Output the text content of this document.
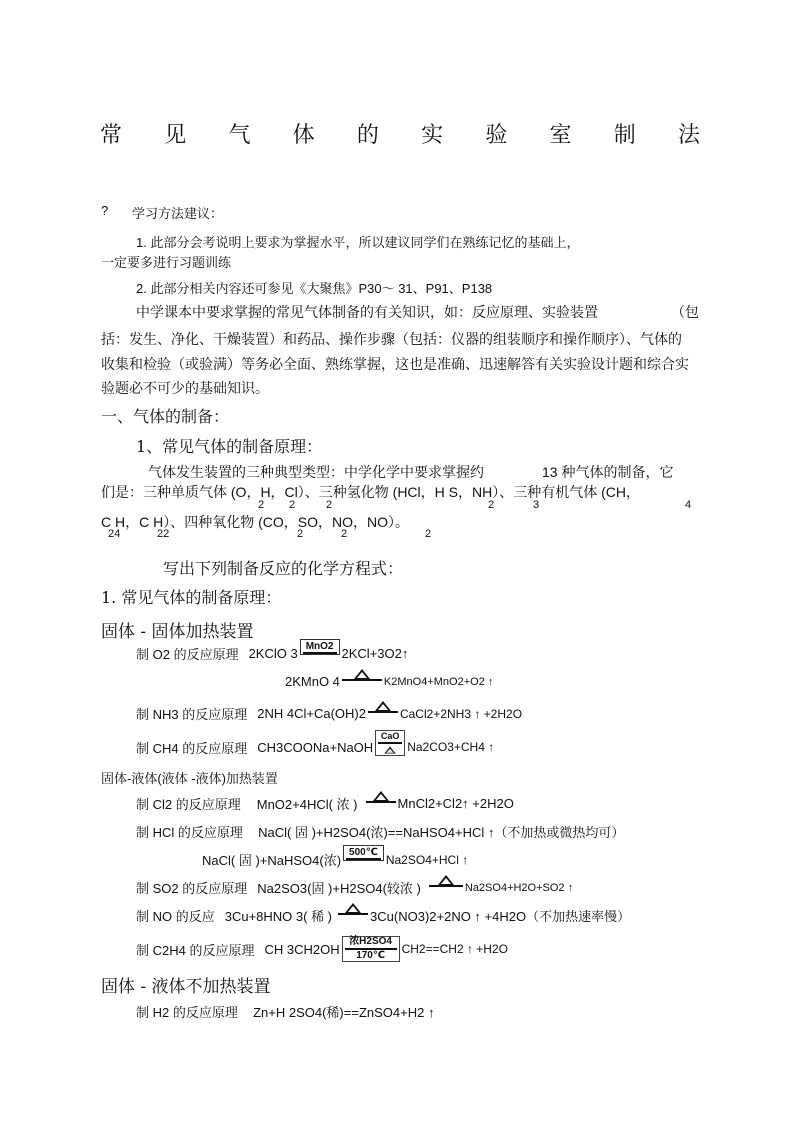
常 见 气 体 的 实 验 室 制 法
? 学习方法建议：
1. 此部分会考说明上要求为掌握水平，所以建议同学们在熟练记忆的基础上，
一定要多进行习题训练
2. 此部分相关内容还可参见《大聚焦》P30～ 31、P91、P138
中学课本中要求掌握的常见气体制备的有关知识，如：反应原理、实验装置	（包
括：发生、净化、干燥装置）和药品、操作步骤（包括：仪器的组装顺序和操作顺序）、气体的
收集和检验（或验满）等务必全面、熟练掌握，这也是准确、迅速解答有关实验设计题和综合实
验题必不可少的基础知识。
一、气体的制备：
1、常见气体的制备原理：
气体发生装置的三种典型类型：中学化学中要求掌握约	13 种气体的制备，它
们是：三种单质气体 (O，H，Cl）、三种氢化物 (HCl，H S，NH）、三种有机气体 (CH，
2 2	2	2	3	4
C H，C H）、四种氧化物 (CO，SO，NO，NO）。
24	22	2	2	2
写出下列制备反应的化学方程式：
1. 常见气体的制备原理：
固体 - 固体加热装置
制 O2 的反应原理 2KClO 3 MnO2 2KCl+3O2↑
2KMnO 4	K2MnO4+MnO2+O2 ↑
制 NH3 的反应原理 2NH 4Cl+Ca(OH)2	CaCl2+2NH3 ↑ +2H2O
制 CH4 的反应原理 CH3COONa+NaOH
CaO
Na2CO3+CH4 ↑
固体-液体(液体 -液体)加热装置
制 Cl2 的反应原理 MnO2+4HCl( 浓 )	MnCl2+Cl2↑ +2H2O
制 HCl 的反应原理 NaCl( 固 )+H2SO4(浓)==NaHSO4+HCl ↑（不加热或微热均可）
NaCl( 固 )+NaHSO4(浓)
500℃
Na2SO4+HCl ↑
制 SO2 的反应原理 Na2SO3(固 )+H2SO4(较浓 )	Na2SO4+H2O+SO2 ↑
制 NO 的反应 3Cu+8HNO 3( 稀 )	3Cu(NO3)2+2NO ↑ +4H2O（不加热速率慢）
制 C2H4 的反应原理 CH 3CH2OH 浓H2SO4
170℃ CH2==CH2 ↑ +H2O
固体 - 液体不加热装置
制 H2 的反应原理 Zn+H 2SO4(稀)==ZnSO4+H2 ↑
